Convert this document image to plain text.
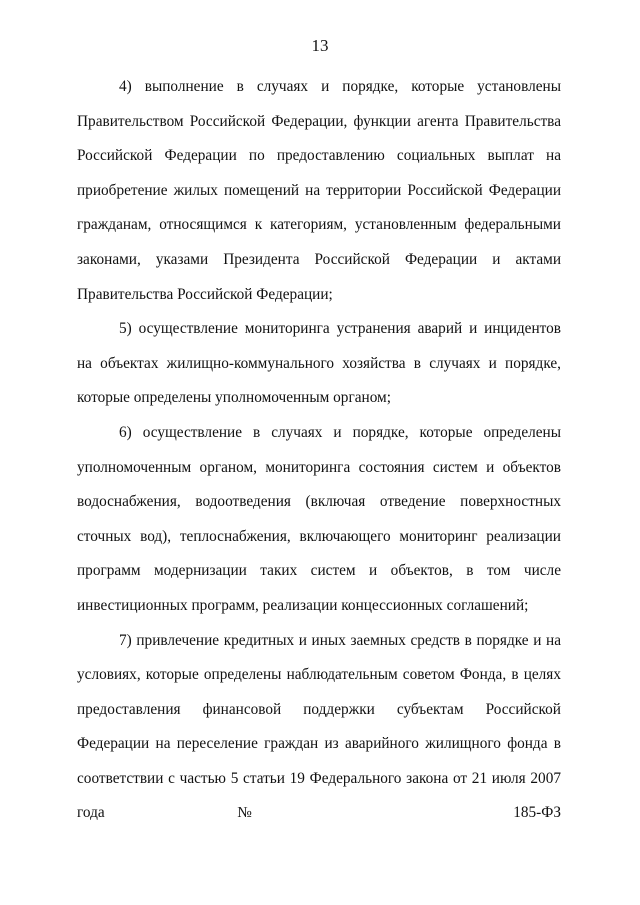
13

4) выполнение в случаях и порядке, которые установлены Правительством Российской Федерации, функции агента Правительства Российской Федерации по предоставлению социальных выплат на приобретение жилых помещений на территории Российской Федерации гражданам, относящимся к категориям, установленным федеральными законами, указами Президента Российской Федерации и актами Правительства Российской Федерации;

5) осуществление мониторинга устранения аварий и инцидентов на объектах жилищно-коммунального хозяйства в случаях и порядке, которые определены уполномоченным органом;

6) осуществление в случаях и порядке, которые определены уполномоченным органом, мониторинга состояния систем и объектов водоснабжения, водоотведения (включая отведение поверхностных сточных вод), теплоснабжения, включающего мониторинг реализации программ модернизации таких систем и объектов, в том числе инвестиционных программ, реализации концессионных соглашений;

7) привлечение кредитных и иных заемных средств в порядке и на условиях, которые определены наблюдательным советом Фонда, в целях предоставления финансовой поддержки субъектам Российской Федерации на переселение граждан из аварийного жилищного фонда в соответствии с частью 5 статьи 19 Федерального закона от 21 июля 2007 года № 185-ФЗ
